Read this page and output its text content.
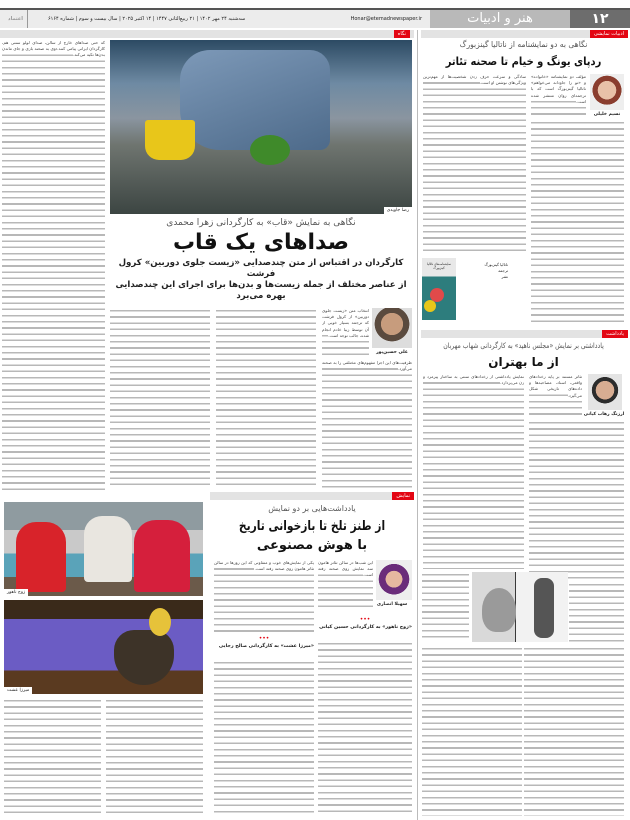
۱۲
هنر و ادبیات
Honar@etemadnewspaper.ir
سه‌شنبه ۲۴ مهر ۱۴۰۲ | ۲۱ ربیع‌الثانی ۱۴۴۷ | ۱۴ اکتبر ۲۰۲۵ | سال بیست و سوم | شماره ۶۱۶۴
اعتماد
ادبیات نمایشی
نگاه
که حتی صداهای خارج از سالن، صدای لولو سنتی هم، کارگردان ایرانی پیامی کنند. وی به صحنه بازی و جای ماندن بدن‌ها تکیه می‌کند.
رضا جاویدی
نگاهی به نمایش «قاب» به کارگردانی زهرا محمدی
صداهای یک قاب
کارگردان در اقتباس از متن چندصدایی «زیست جلوی دوربین» کرول فرشت
از عناصر مختلف از جمله زیست‌ها و بدن‌ها برای اجرای این چندصدایی بهره می‌برد
علی حسین‌پور
انتخاب متن «زیست جلوی دوربین» از کرول فرشت که ترجمه بسیار خوبی از آن توسط زیبا خادم انجام شده، جالب توجه است.
ظرفیت‌های این اجرا مفهوم‌های مختلفی را به صحنه می‌آورد.
نگاهی به دو نمایشنامه از ناتالیا گینزبورگ
ردپای یونگ و خیام تا صحنه تئاتر
نسیم خلیلی
مؤلف دو نمایشنامه «خانواده» و «تو را جاودانه می‌خواهم» ناتالیا گینزبورگ است که با ترجمه‌ای روان منتشر شده است.
سادگی و سرعت حرف زدن شخصیت‌ها از مهم‌ترین ویژگی‌های نوشتن او است.
نمایشنامه‌های ناتالیا گینزبورگ
ناتالیا گینزبورگ
ترجمه
نشر
یادداشت
یادداشتی بر نمایش «مجلس ناهید» به کارگردانی شهاب مهربان
از ما بهتران
ارژنگ رهاب کیانی
تئاتر مستند بر پایه رخدادهای واقعی، اسناد، مصاحبه‌ها و داده‌های تاریخی شکل می‌گیرد.
نمایش یادداشتی از رخدادهای سنتی به ساختار پیرمرد و زن می‌پردازد.
نمایش
یادداشت‌هایی بر دو نمایش
از طنز تلخ تا بازخوانی تاریخ
با هوش مصنوعی
سهیلا انصاری
این شب‌ها در سالن تئاتر هامون سه نمایش روی صحنه رفته است.
•••
«زوج ناهور» به کارگردانی حسین کیانی
یکی از نمایش‌های خوب و متفاوتی که این روزها در سالن تئاتر هامون روی صحنه رفته است.
•••
«میرزا عشت» به کارگردانی صالح رجایی
زوج ناهور
میرزا عشت
